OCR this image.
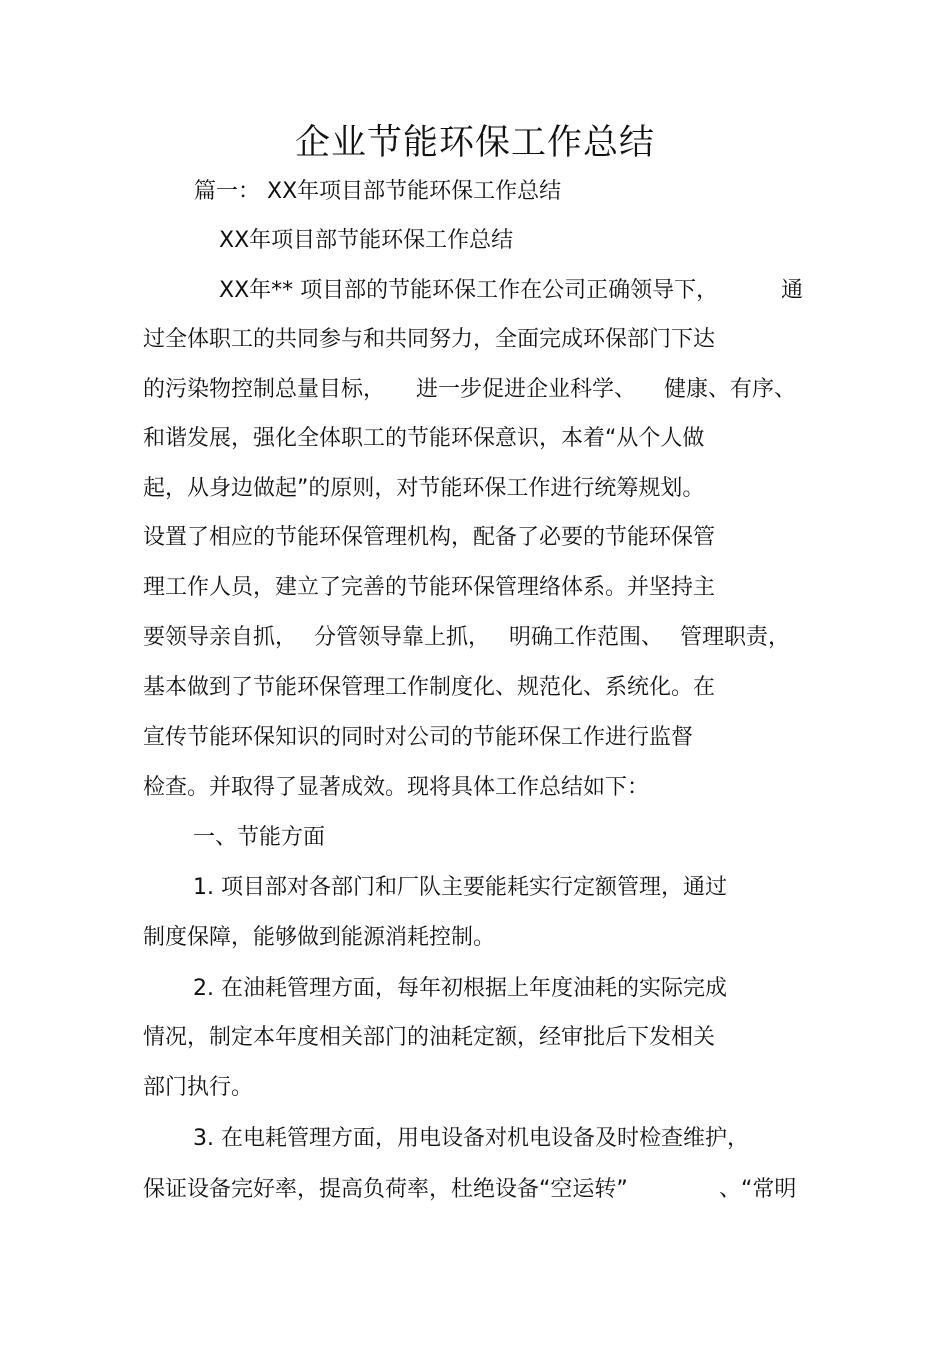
企业节能环保工作总结
篇一： XX年项目部节能环保工作总结
XX年项目部节能环保工作总结
XX年** 项目部的节能环保工作在公司正确领导下，	通
过全体职工的共同参与和共同努力，全面完成环保部门下达
的污染物控制总量目标， 进一步促进企业科学、 健康、有序、
和谐发展，强化全体职工的节能环保意识，本着“从个人做
起，从身边做起”的原则，对节能环保工作进行统筹规划。
设置了相应的节能环保管理机构，配备了必要的节能环保管
理工作人员，建立了完善的节能环保管理络体系。并坚持主
要领导亲自抓， 分管领导靠上抓， 明确工作范围、 管理职责，
基本做到了节能环保管理工作制度化、规范化、系统化。在
宣传节能环保知识的同时对公司的节能环保工作进行监督
检查。并取得了显著成效。现将具体工作总结如下：
一、节能方面
1. 项目部对各部门和厂队主要能耗实行定额管理，通过
制度保障，能够做到能源消耗控制。
2. 在油耗管理方面，每年初根据上年度油耗的实际完成
情况，制定本年度相关部门的油耗定额，经审批后下发相关
部门执行。
3. 在电耗管理方面，用电设备对机电设备及时检查维护，
保证设备完好率，提高负荷率，杜绝设备“空运转”	、“常明
